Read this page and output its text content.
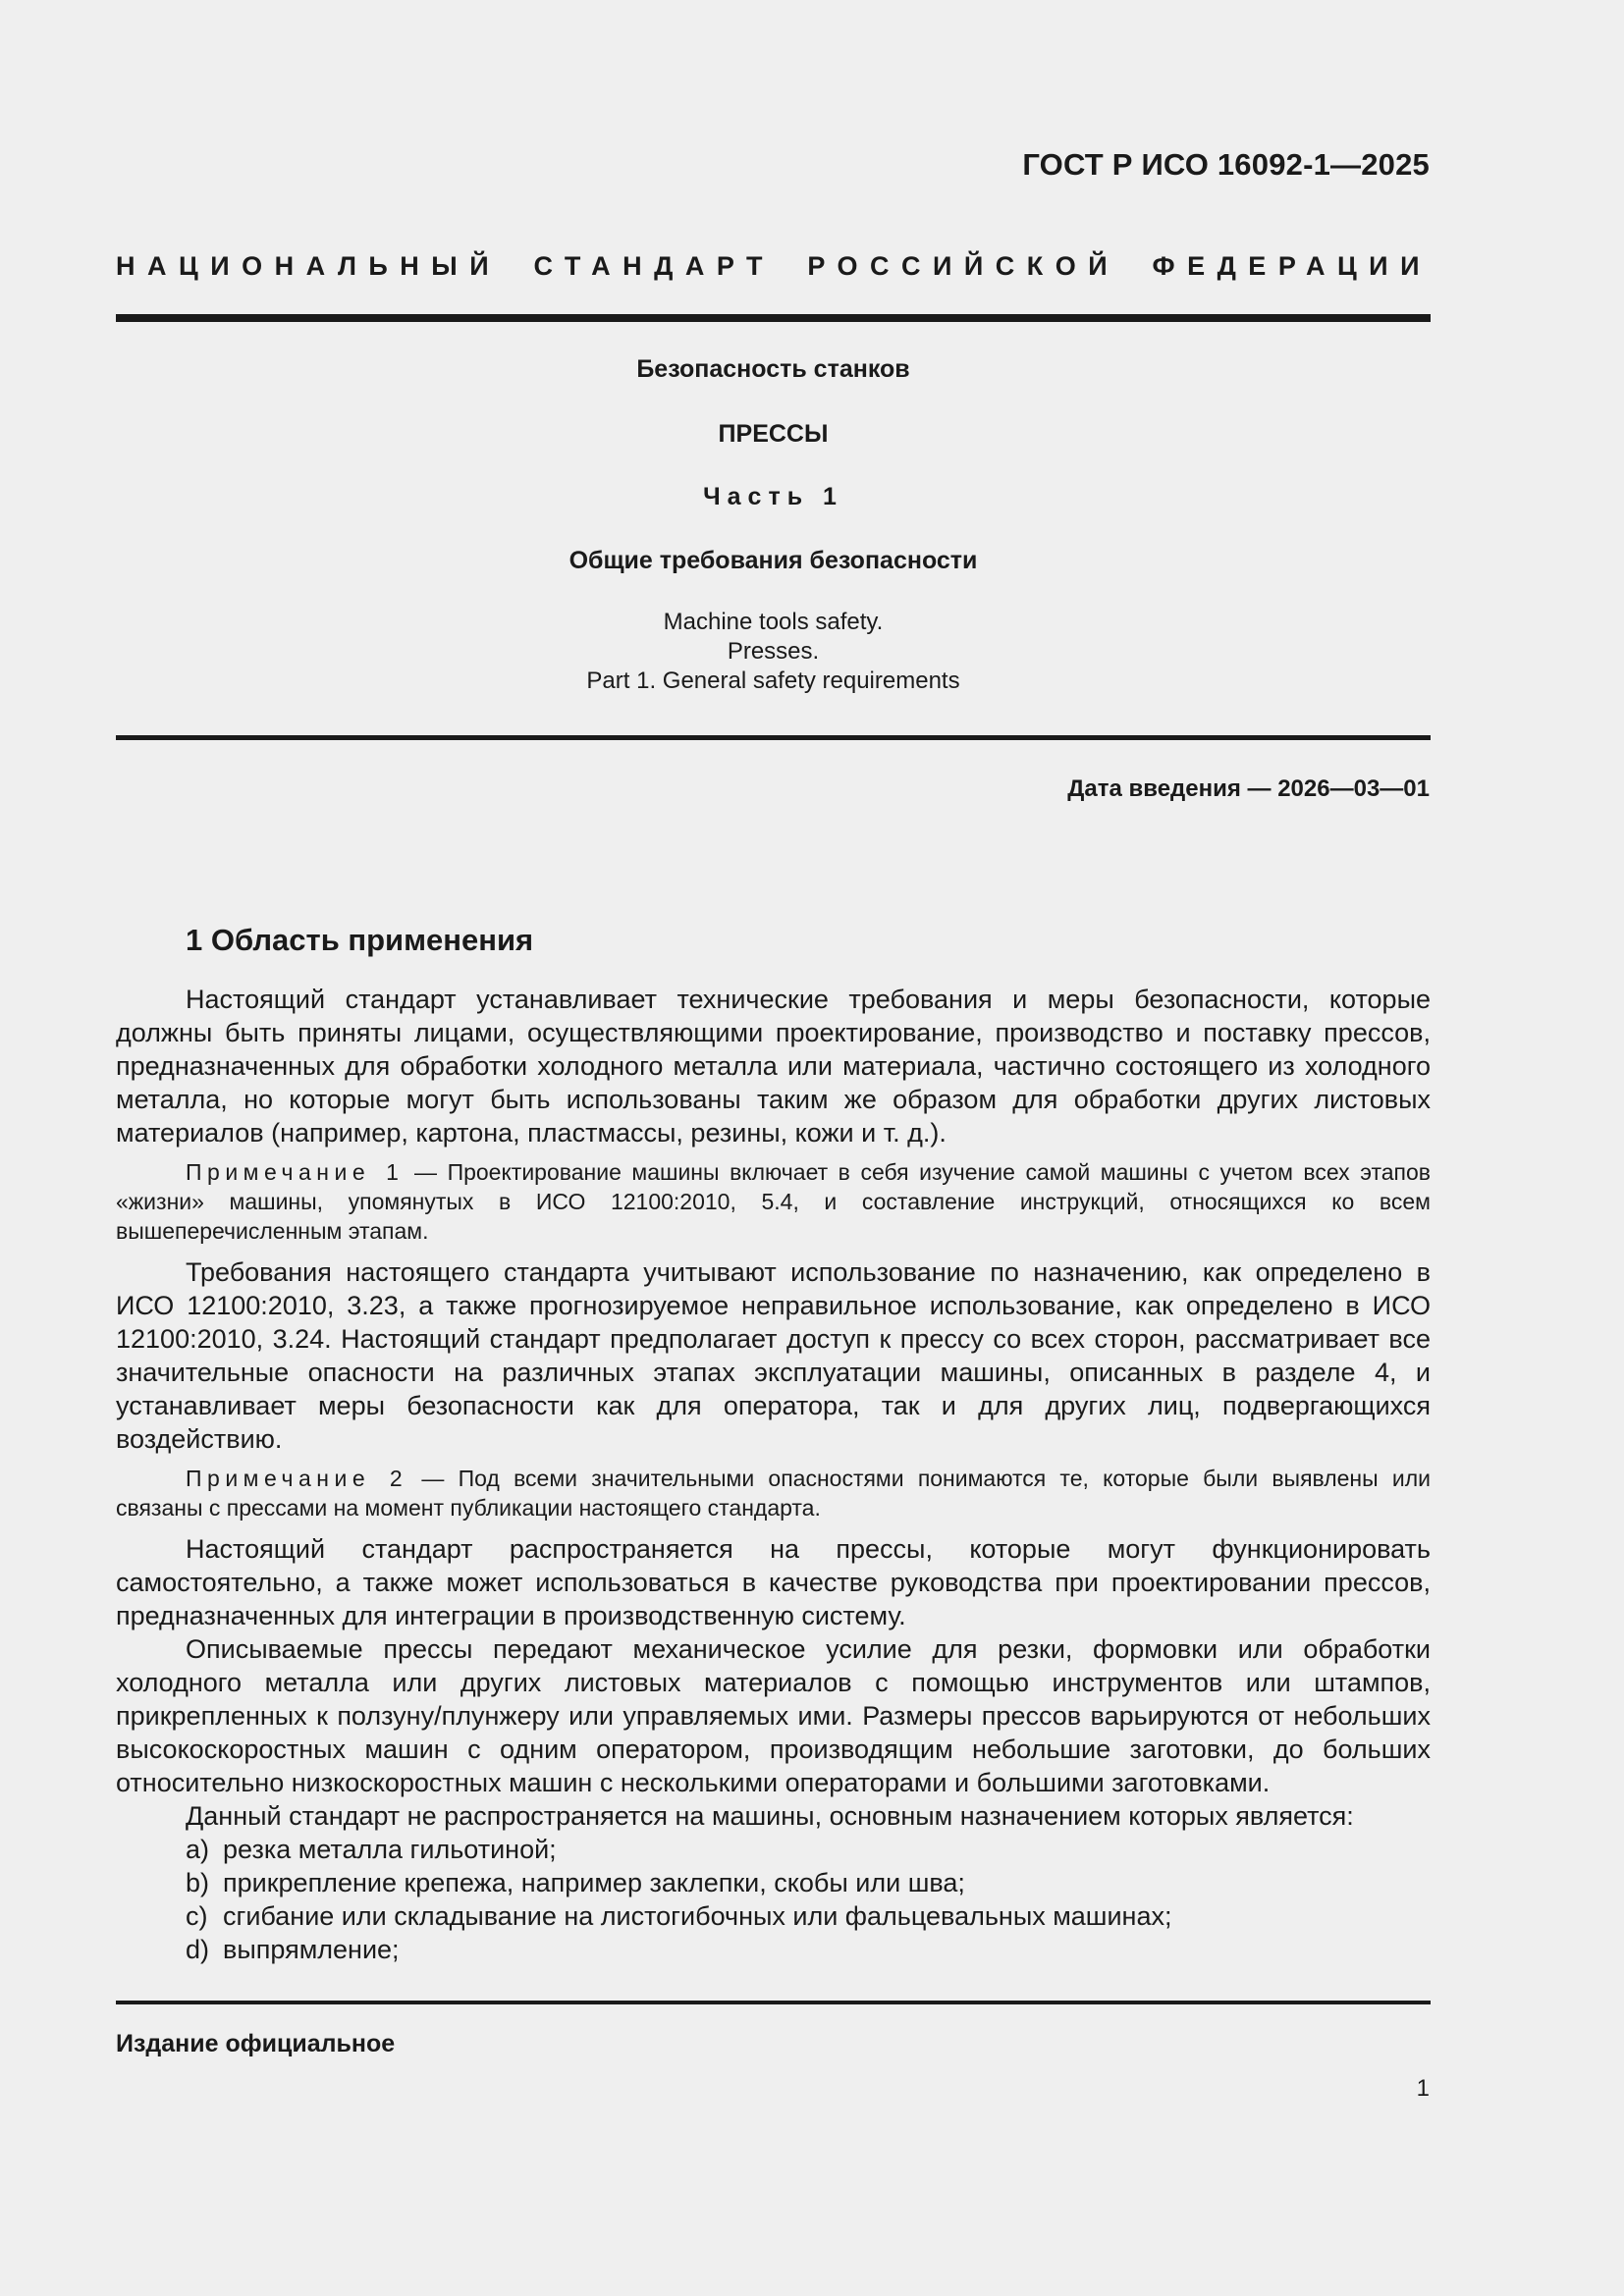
ГОСТ Р ИСО 16092-1—2025
НАЦИОНАЛЬНЫЙ СТАНДАРТ РОССИЙСКОЙ ФЕДЕРАЦИИ
Безопасность станков
ПРЕССЫ
Часть 1
Общие требования безопасности
Machine tools safety.
Presses.
Part 1. General safety requirements
Дата введения — 2026—03—01
1 Область применения

Настоящий стандарт устанавливает технические требования и меры безопасности, которые должны быть приняты лицами, осуществляющими проектирование, производство и поставку прессов, предназначенных для обработки холодного металла или материала, частично состоящего из холодного металла, но которые могут быть использованы таким же образом для обработки других листовых материалов (например, картона, пластмассы, резины, кожи и т. д.).

Примечание 1 — Проектирование машины включает в себя изучение самой машины с учетом всех этапов «жизни» машины, упомянутых в ИСО 12100:2010, 5.4, и составление инструкций, относящихся ко всем вышеперечисленным этапам.

Требования настоящего стандарта учитывают использование по назначению, как определено в ИСО 12100:2010, 3.23, а также прогнозируемое неправильное использование, как определено в ИСО 12100:2010, 3.24. Настоящий стандарт предполагает доступ к прессу со всех сторон, рассматривает все значительные опасности на различных этапах эксплуатации машины, описанных в разделе 4, и устанавливает меры безопасности как для оператора, так и для других лиц, подвергающихся воздействию.

Примечание 2 — Под всеми значительными опасностями понимаются те, которые были выявлены или связаны с прессами на момент публикации настоящего стандарта.

Настоящий стандарт распространяется на прессы, которые могут функционировать самостоятельно, а также может использоваться в качестве руководства при проектировании прессов, предназначенных для интеграции в производственную систему.

Описываемые прессы передают механическое усилие для резки, формовки или обработки холодного металла или других листовых материалов с помощью инструментов или штампов, прикрепленных к ползуну/плунжеру или управляемых ими. Размеры прессов варьируются от небольших высокоскоростных машин с одним оператором, производящим небольшие заготовки, до больших относительно низкоскоростных машин с несколькими операторами и большими заготовками.

Данный стандарт не распространяется на машины, основным назначением которых является:

a) резка металла гильотиной;
b) прикрепление крепежа, например заклепки, скобы или шва;
c) сгибание или складывание на листогибочных или фальцевальных машинах;
d) выпрямление;
Издание официальное
1
